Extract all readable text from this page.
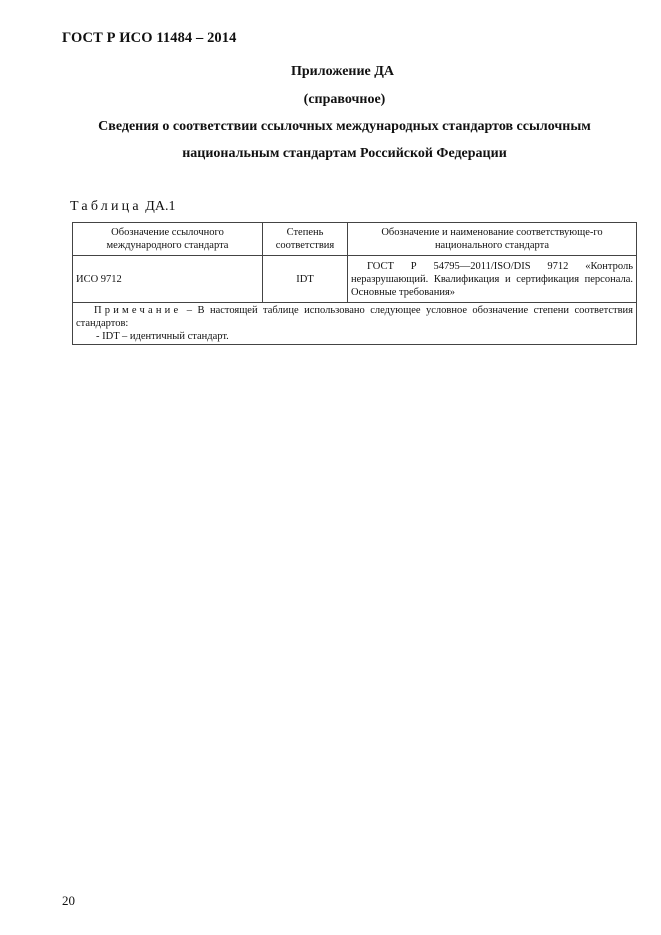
ГОСТ Р ИСО 11484 – 2014
Приложение ДА
(справочное)
Сведения о соответствии ссылочных международных стандартов ссылочным
национальным стандартам Российской Федерации
Таблица ДА.1
Обозначение ссылочного международного стандарта	Степень соответствия	Обозначение и наименование соответствующе-го национального стандарта
ИСО 9712	IDT	ГОСТ Р 54795—2011/ISO/DIS 9712 «Контроль неразрушающий. Квалификация и сертификация персонала. Основные требования»

Примечание – В настоящей таблице использовано следующее условное обозначение степени соответствия стандартов:
- IDT – идентичный стандарт.		
20
